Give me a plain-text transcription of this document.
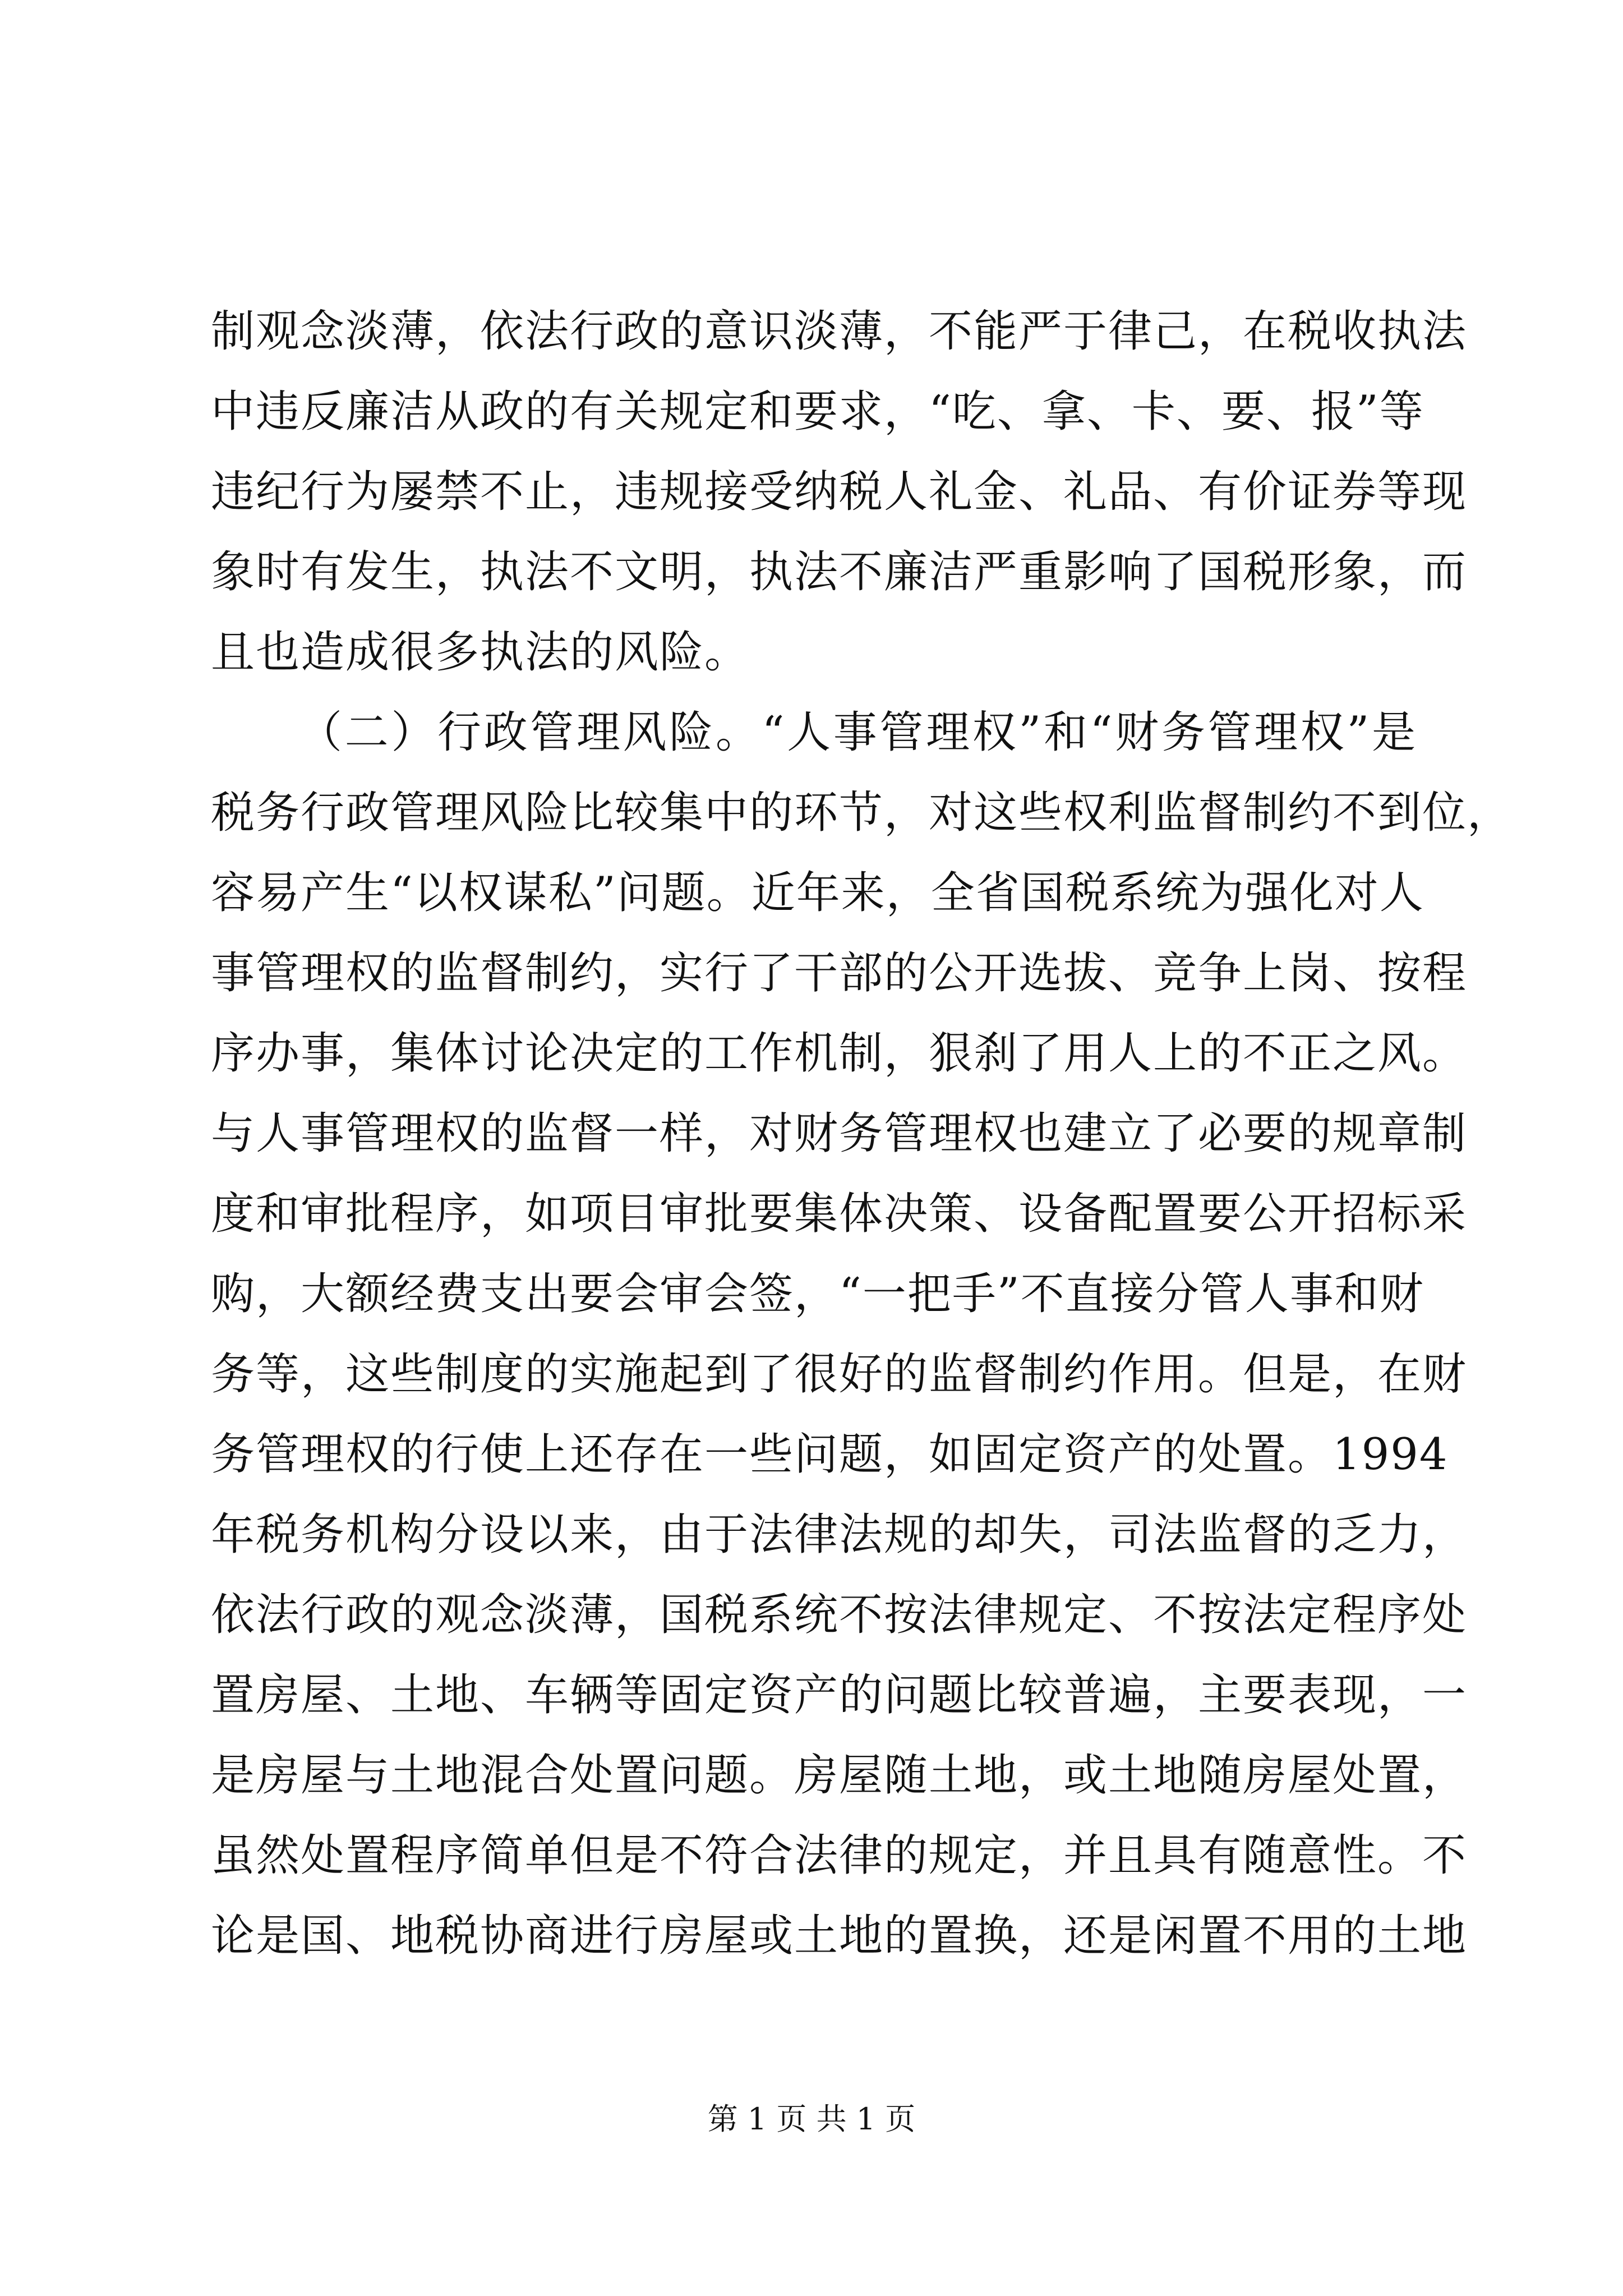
制观念淡薄，依法行政的意识淡薄，不能严于律己，在税收执法
中违反廉洁从政的有关规定和要求，“吃、拿、卡、要、报”等
违纪行为屡禁不止，违规接受纳税人礼金、礼品、有价证券等现
象时有发生，执法不文明，执法不廉洁严重影响了国税形象，而
且也造成很多执法的风险。
（二）行政管理风险。“人事管理权”和“财务管理权”是
税务行政管理风险比较集中的环节，对这些权利监督制约不到位，
容易产生“以权谋私”问题。近年来，全省国税系统为强化对人
事管理权的监督制约，实行了干部的公开选拔、竞争上岗、按程
序办事，集体讨论决定的工作机制，狠刹了用人上的不正之风。
与人事管理权的监督一样，对财务管理权也建立了必要的规章制
度和审批程序，如项目审批要集体决策、设备配置要公开招标采
购，大额经费支出要会审会签，“一把手”不直接分管人事和财
务等，这些制度的实施起到了很好的监督制约作用。但是，在财
务管理权的行使上还存在一些问题，如固定资产的处置。1994
年税务机构分设以来，由于法律法规的却失，司法监督的乏力，
依法行政的观念淡薄，国税系统不按法律规定、不按法定程序处
置房屋、土地、车辆等固定资产的问题比较普遍，主要表现，一
是房屋与土地混合处置问题。房屋随土地，或土地随房屋处置，
虽然处置程序简单但是不符合法律的规定，并且具有随意性。不
论是国、地税协商进行房屋或土地的置换，还是闲置不用的土地
第 1 页 共 1 页
